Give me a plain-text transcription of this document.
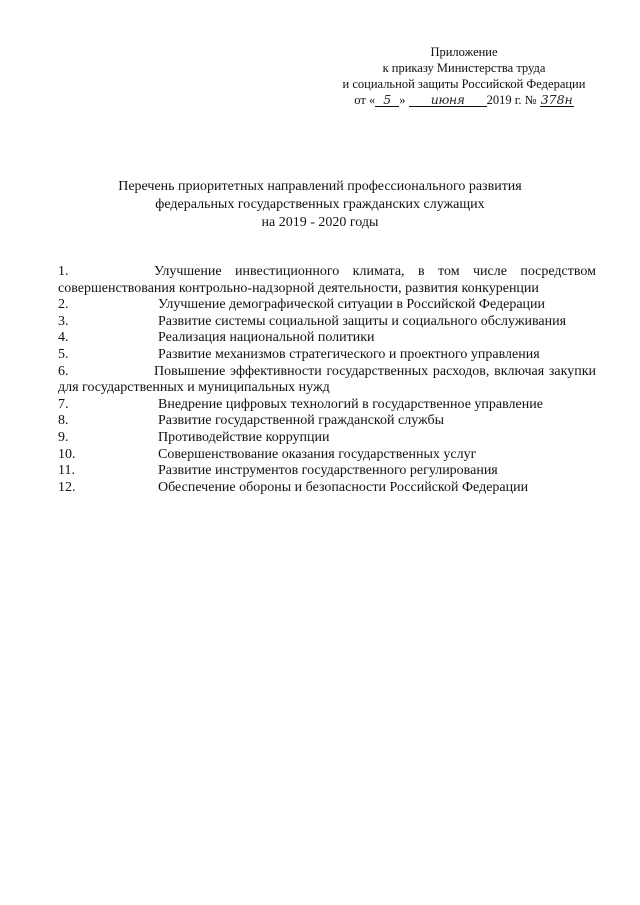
Приложение
к приказу Министерства труда
и социальной защиты Российской Федерации
от « 5 » июня 2019 г. № 378н
Перечень приоритетных направлений профессионального развития
федеральных государственных гражданских служащих
на 2019 - 2020 годы
1.	Улучшение инвестиционного климата, в том числе посредством совершенствования контрольно-надзорной деятельности, развития конкуренции
2.	Улучшение демографической ситуации в Российской Федерации
3.	Развитие системы социальной защиты и социального обслуживания
4.	Реализация национальной политики
5.	Развитие механизмов стратегического и проектного управления
6.	Повышение эффективности государственных расходов, включая закупки для государственных и муниципальных нужд
7.	Внедрение цифровых технологий в государственное управление
8.	Развитие государственной гражданской службы
9.	Противодействие коррупции
10.	Совершенствование оказания государственных услуг
11.	Развитие инструментов государственного регулирования
12.	Обеспечение обороны и безопасности Российской Федерации
